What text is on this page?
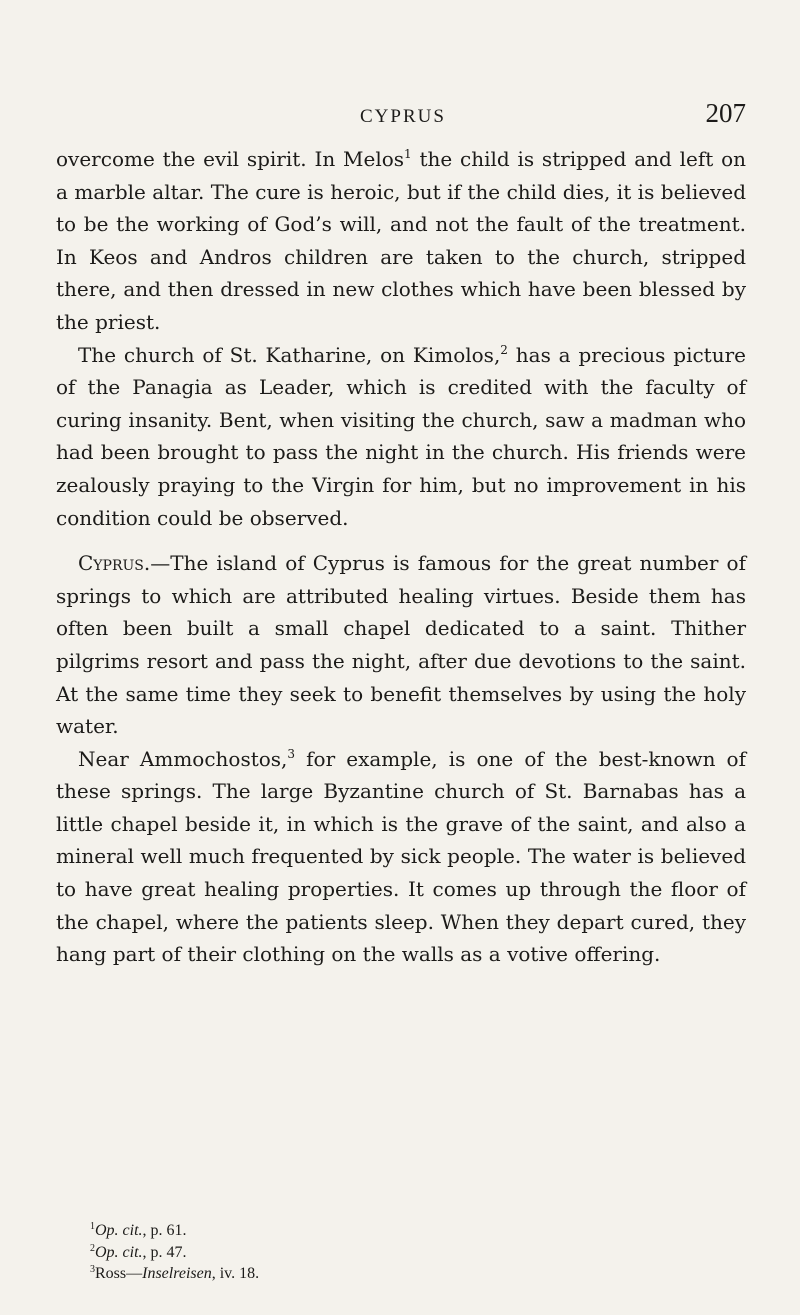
CYPRUS	207

overcome the evil spirit. In Melos$^1$ the child is stripped and left on a marble altar. The cure is heroic, but if the child dies, it is believed to be the working of God’s will, and not the fault of the treatment. In Keos and Andros children are taken to the church, stripped there, and then dressed in new clothes which have been blessed by the priest.

The church of St. Katharine, on Kimolos,$^2$ has a precious picture of the Panagia as Leader, which is credited with the faculty of curing insanity. Bent, when visiting the church, saw a madman who had been brought to pass the night in the church. His friends were zealously praying to the Virgin for him, but no improvement in his condition could be observed.

Cyprus.—The island of Cyprus is famous for the great number of springs to which are attributed healing virtues. Beside them has often been built a small chapel dedicated to a saint. Thither pilgrims resort and pass the night, after due devotions to the saint. At the same time they seek to benefit themselves by using the holy water.

Near Ammochostos,$^3$ for example, is one of the best-known of these springs. The large Byzantine church of St. Barnabas has a little chapel beside it, in which is the grave of the saint, and also a mineral well much frequented by sick people. The water is believed to have great healing properties. It comes up through the floor of the chapel, where the patients sleep. When they depart cured, they hang part of their clothing on the walls as a votive offering.

$^1$Op. cit., p. 61.
$^2$Op. cit., p. 47.
$^3$Ross—Inselreisen, iv. 18.
